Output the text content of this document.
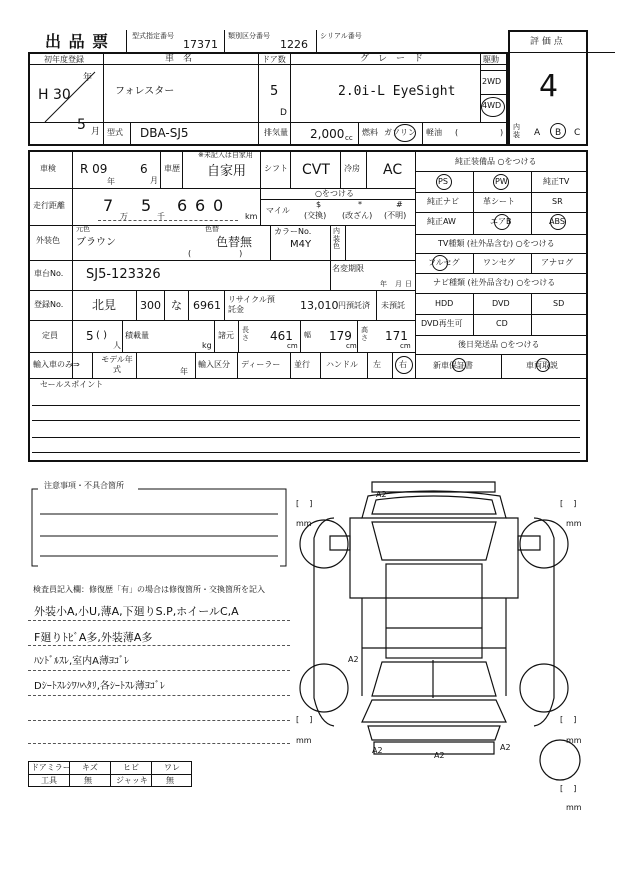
出 品 票	型式指定番号
17371
類別区分番号
1226
シリアル番号
評 価 点
4
初年度登録
H 30
年
5 月
車　名
フォレスター
ドア数
5
D
グ　レ　ー　ド
2.0i-L EyeSight
駆動
2WD
4WD
型式 DBA-SJ5	排気量 2,000 cc
燃料 ガソリン 軽油 (	)
内装 A B C
車検 R 09
年
6
月
車歴
※未記入は自家用
自家用 シフト CVT 冷房 AC
走行距離 7
万
5
千
6 6 0
km
○をつける
マイル
$
(交換)
*
(改ざん)
#
(不明)
外装色
元色
ブラウン
色替
色替無
(　　　　　　)
カラーNo.
M4Y
内装色
車台No. SJ5-123326	名変期限
年 月 日
登録No. 北見 300 な 6961 リサイクル預託金	13,010 円預託済 未預託
定員 5 ( )
人
積載量
kg
諸元
長さ 461
cm
幅 179
cm
高さ 171
cm
輸入車のみ⇒
モデル年式	年
輸入区分 ディーラー 並行 ハンドル 左 右
純正装備品 ○をつける
PS	PW	純正TV
純正ナビ	革シート	SR
純正AW	エアB	ABS
TV種類 (社外品含む) ○をつける
フルセグ	ワンセグ	アナログ
ナビ種類 (社外品含む) ○をつける
HDD	DVD	SD
DVD再生可	CD
後日発送品 ○をつける
新車保証書	車両取説
セールスポイント
注意事項・不具合箇所
検査員記入欄：修復歴「有」の場合は修復箇所・交換箇所を記入
外装小A,小U,薄A,下廻りS.P,ホイールC,A
F廻りﾄﾋﾞA多,外装薄A多
ﾊﾝﾄﾞﾙｽﾚ,室内A薄ﾖｺﾞﾚ
Dｼｰﾄｽﾚｼﾜﾊﾍﾀﾘ,各ｼｰﾄｽﾚ薄ﾖｺﾞﾚ
ドアミラー キズ	ヒビ	ワレ
工具	無	ジャッキ 無
[    ]
mm
[    ]
mm
[    ]
mm
[    ]
mm
[    ]
mm
A2
A2
A2
A2
A2
